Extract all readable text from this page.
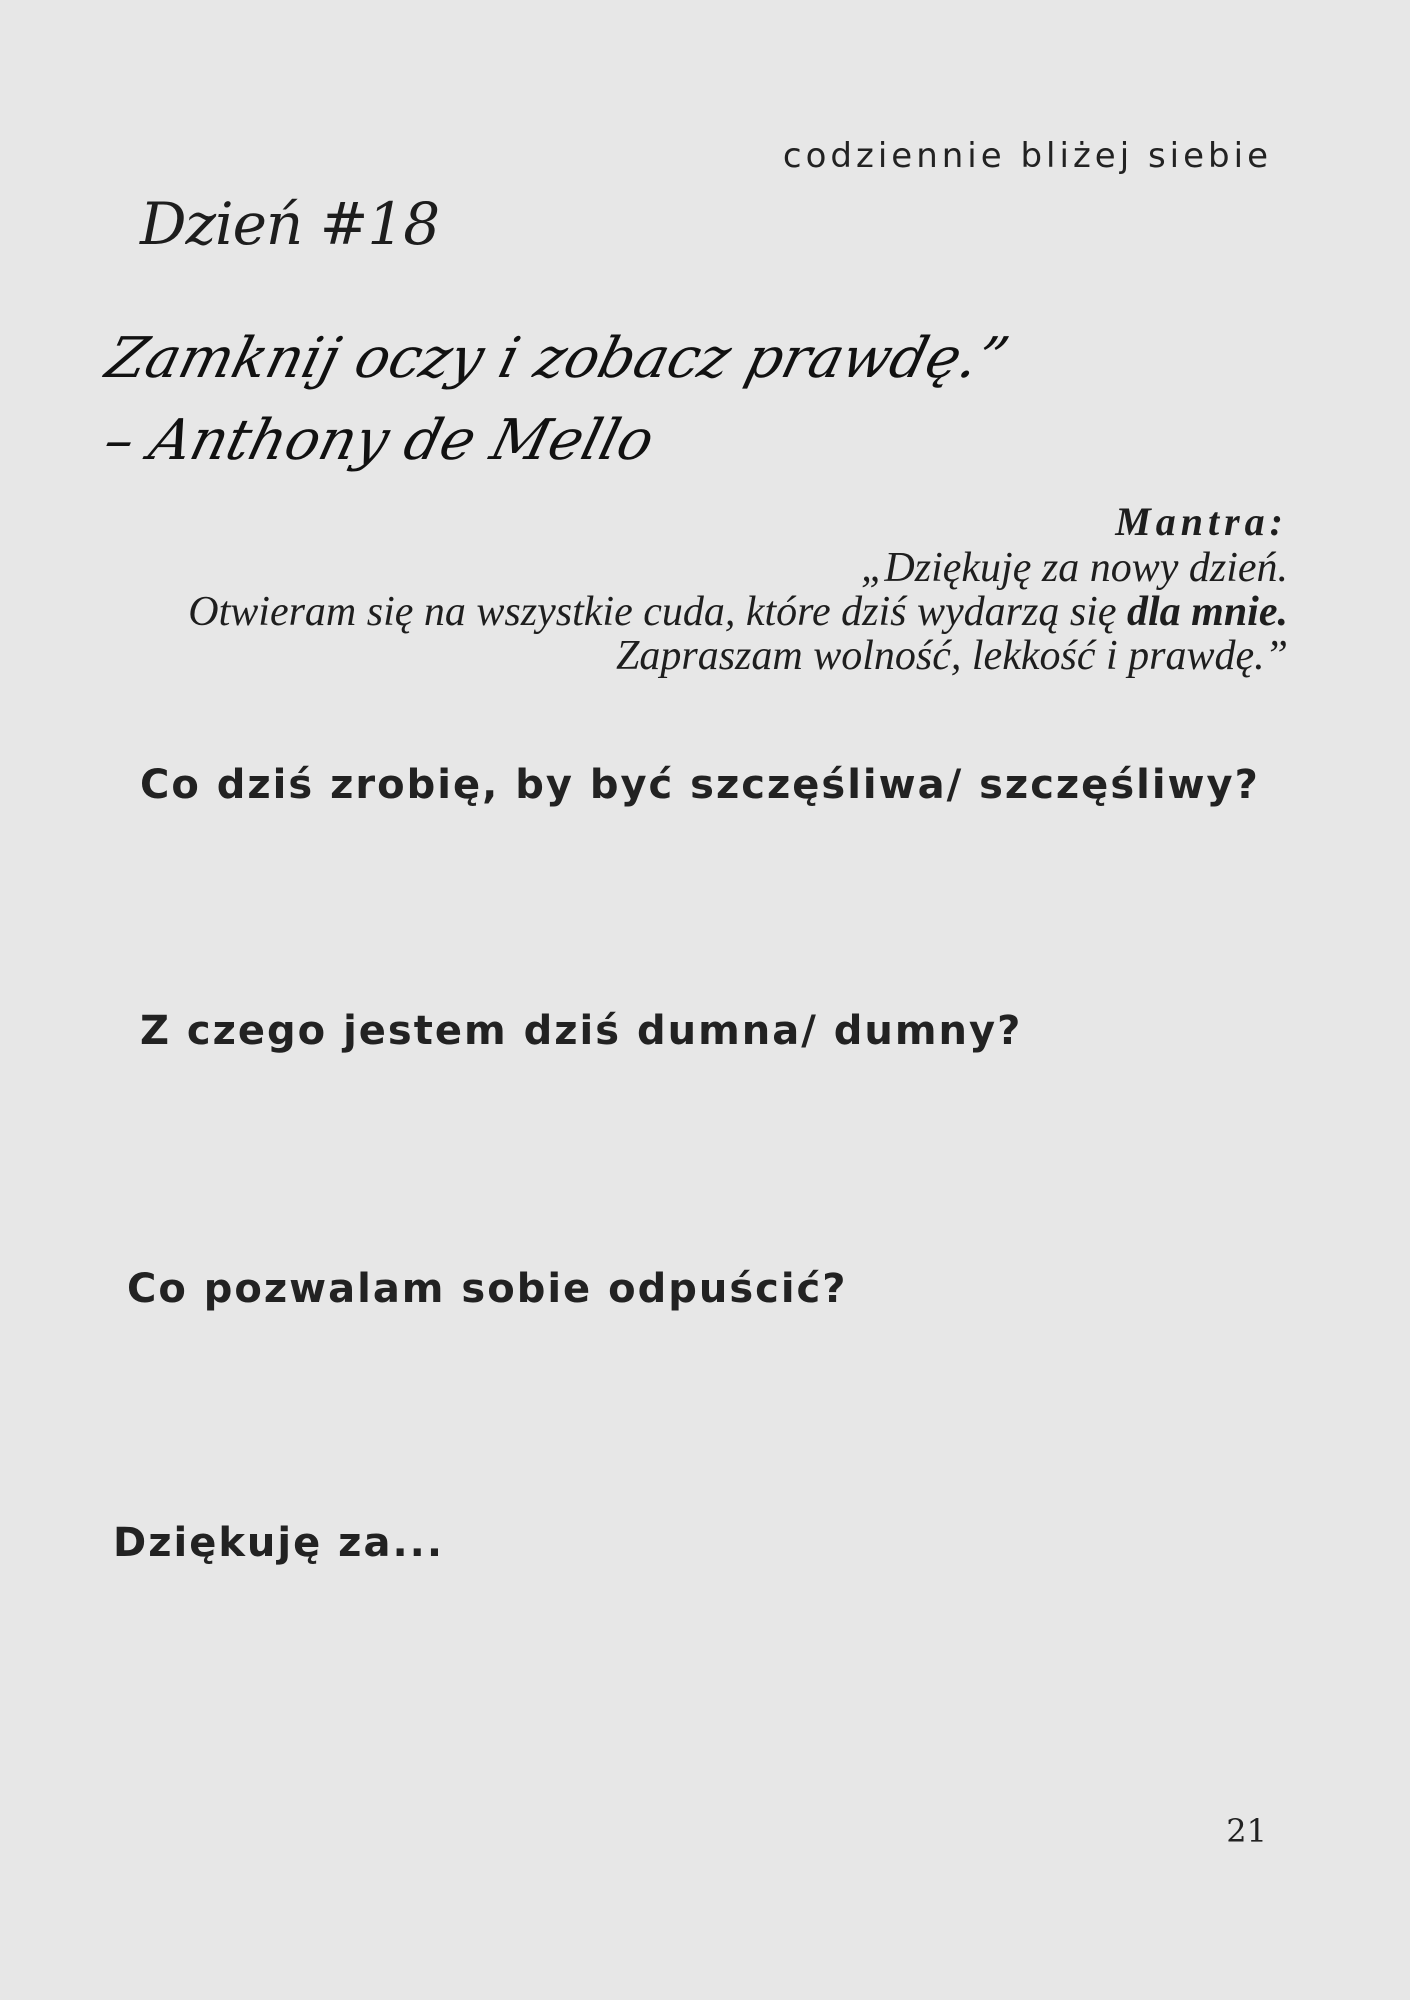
codziennie bliżej siebie

Dzień #18
Zamknij oczy i zobacz prawdę.”
– Anthony de Mello
Mantra:
„Dziękuję za nowy dzień.
Otwieram się na wszystkie cuda, które dziś wydarzą się dla mnie.
Zapraszam wolność, lekkość i prawdę.”

Co dziś zrobię, by być szczęśliwa/ szczęśliwy?

Z czego jestem dziś dumna/ dumny?

Co pozwalam sobie odpuścić?

Dziękuję za...

21
